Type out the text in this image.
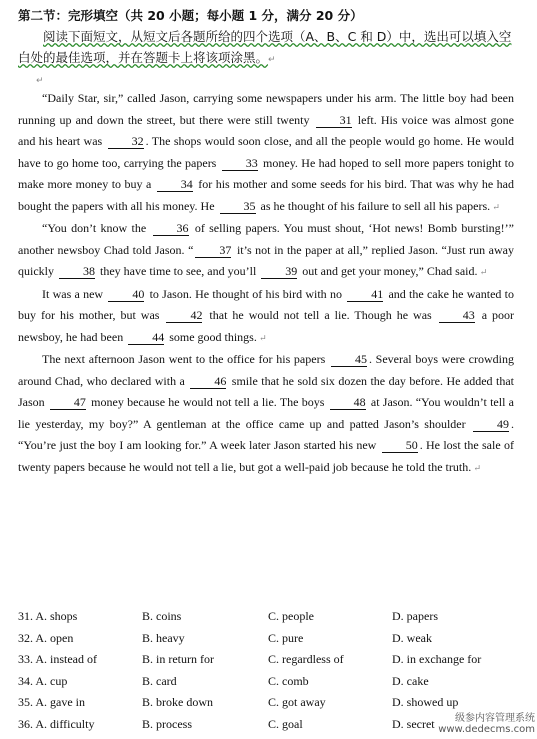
第二节：完形填空（共 20 小题；每小题 1 分，满分 20 分）

阅读下面短文，从短文后各题所给的四个选项（A、B、C 和 D）中，选出可以填入空白处的最佳选项，并在答题卡上将该项涂黑。↵

↵

“Daily Star, sir,” called Jason, carrying some newspapers under his arm. The little boy had been running up and down the street, but there were still twenty 31 left. His voice was almost gone and his heart was 32 . The shops would soon close, and all the people would go home. He would have to go home too, carrying the papers 33 money. He had hoped to sell more papers tonight to make more money to buy a 34 for his mother and some seeds for his bird. That was why he had bought the papers with all his money. He 35 as he thought of his failure to sell all his papers. ↵

“You don’t know the 36 of selling papers. You must shout, ‘Hot news! Bomb bursting!’” another newsboy Chad told Jason. “ 37 it’s not in the paper at all,” replied Jason. “Just run away quickly 38 they have time to see, and you’ll 39 out and get your money,” Chad said. ↵

It was a new 40 to Jason. He thought of his bird with no 41 and the cake he wanted to buy for his mother, but was 42 that he would not tell a lie. Though he was 43 a poor newsboy, he had been 44 some good things. ↵

The next afternoon Jason went to the office for his papers 45 . Several boys were crowding around Chad, who declared with a 46 smile that he sold six dozen the day before. He added that Jason 47 money because he would not tell a lie. The boys 48 at Jason. “You wouldn’t tell a lie yesterday, my boy?” A gentleman at the office came up and patted Jason’s shoulder 49 . “You’re just the boy I am looking for.” A week later Jason started his new 50 . He lost the sale of twenty papers because he would not tell a lie, but got a well-paid job because he told the truth. ↵

31. A. shops	B. coins	C. people	D. papers
32. A. open	B. heavy	C. pure	D. weak
33. A. instead of	B. in return for	C. regardless of	D. in exchange for
34. A. cup	B. card	C. comb	D. cake
35. A. gave in	B. broke down	C. got away	D. showed up
36. A. difficulty	B. process	C. goal	D. secret	级参内容管理系统
www.dedecms.com
